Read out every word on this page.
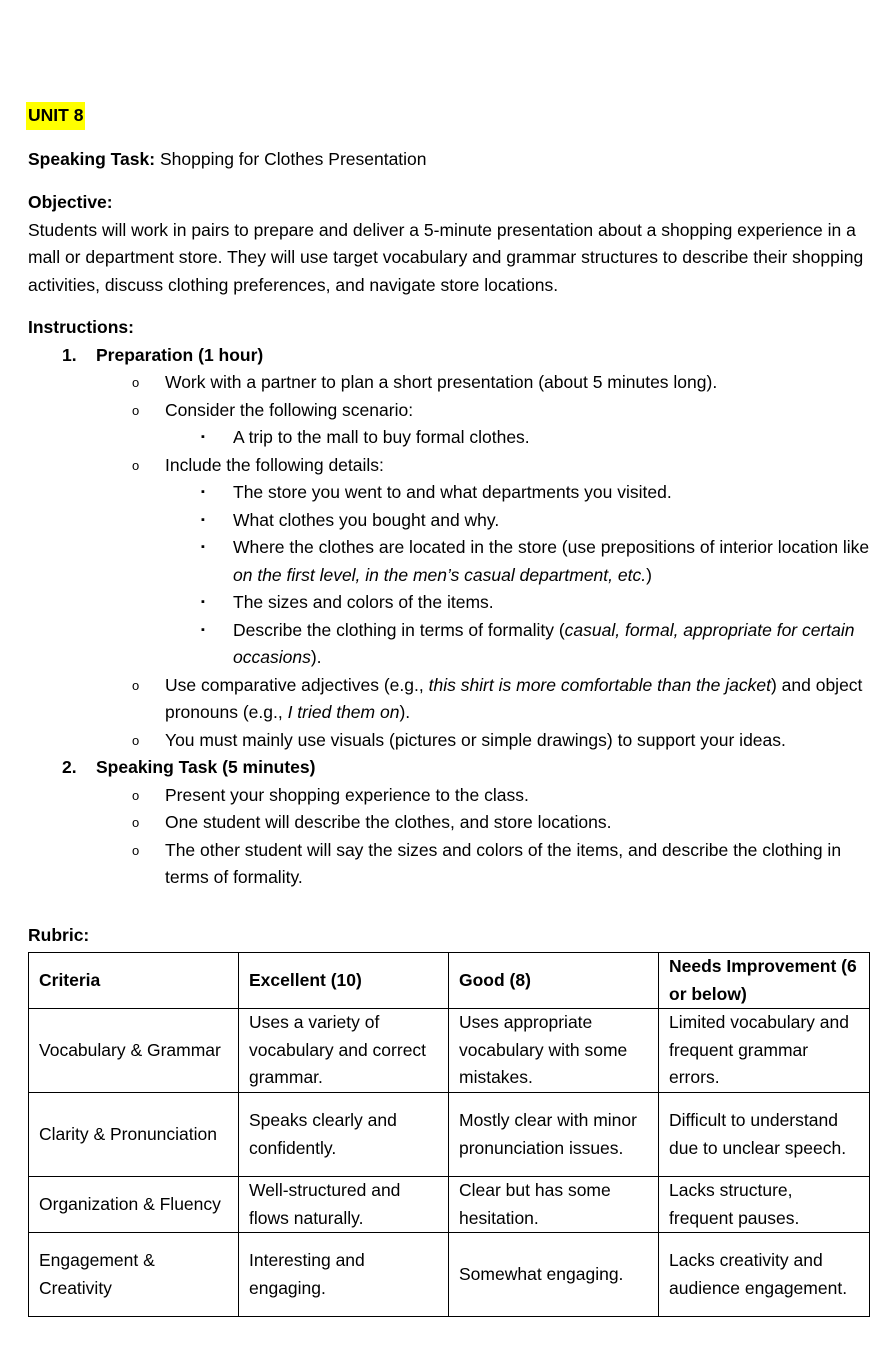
UNIT 8
Speaking Task: Shopping for Clothes Presentation
Objective:

Students will work in pairs to prepare and deliver a 5-minute presentation about a shopping experience in a mall or department store. They will use target vocabulary and grammar structures to describe their shopping activities, discuss clothing preferences, and navigate store locations.

Instructions:
1. Preparation (1 hour)
o Work with a partner to plan a short presentation (about 5 minutes long).
o Consider the following scenario:
▪ A trip to the mall to buy formal clothes.
o Include the following details:
▪ The store you went to and what departments you visited.
▪ What clothes you bought and why.
▪ Where the clothes are located in the store (use prepositions of interior location like on the first level, in the men’s casual department, etc.)
▪ The sizes and colors of the items.
▪ Describe the clothing in terms of formality (casual, formal, appropriate for certain occasions).
o Use comparative adjectives (e.g., this shirt is more comfortable than the jacket) and object pronouns (e.g., I tried them on).
o You must mainly use visuals (pictures or simple drawings) to support your ideas.
2. Speaking Task (5 minutes)
o Present your shopping experience to the class.
o One student will describe the clothes, and store locations.
o The other student will say the sizes and colors of the items, and describe the clothing in terms of formality.
Rubric:
Criteria	Excellent (10)	Good (8)	Needs Improvement (6 or below)
Vocabulary & Grammar	Uses a variety of vocabulary and correct grammar.	Uses appropriate vocabulary with some mistakes.	Limited vocabulary and frequent grammar errors.
Clarity & Pronunciation	Speaks clearly and confidently.	Mostly clear with minor pronunciation issues.	Difficult to understand due to unclear speech.
Organization & Fluency	Well-structured and flows naturally.	Clear but has some hesitation.	Lacks structure, frequent pauses.
Engagement & Creativity	Interesting and engaging.	Somewhat engaging.	Lacks creativity and audience engagement.
